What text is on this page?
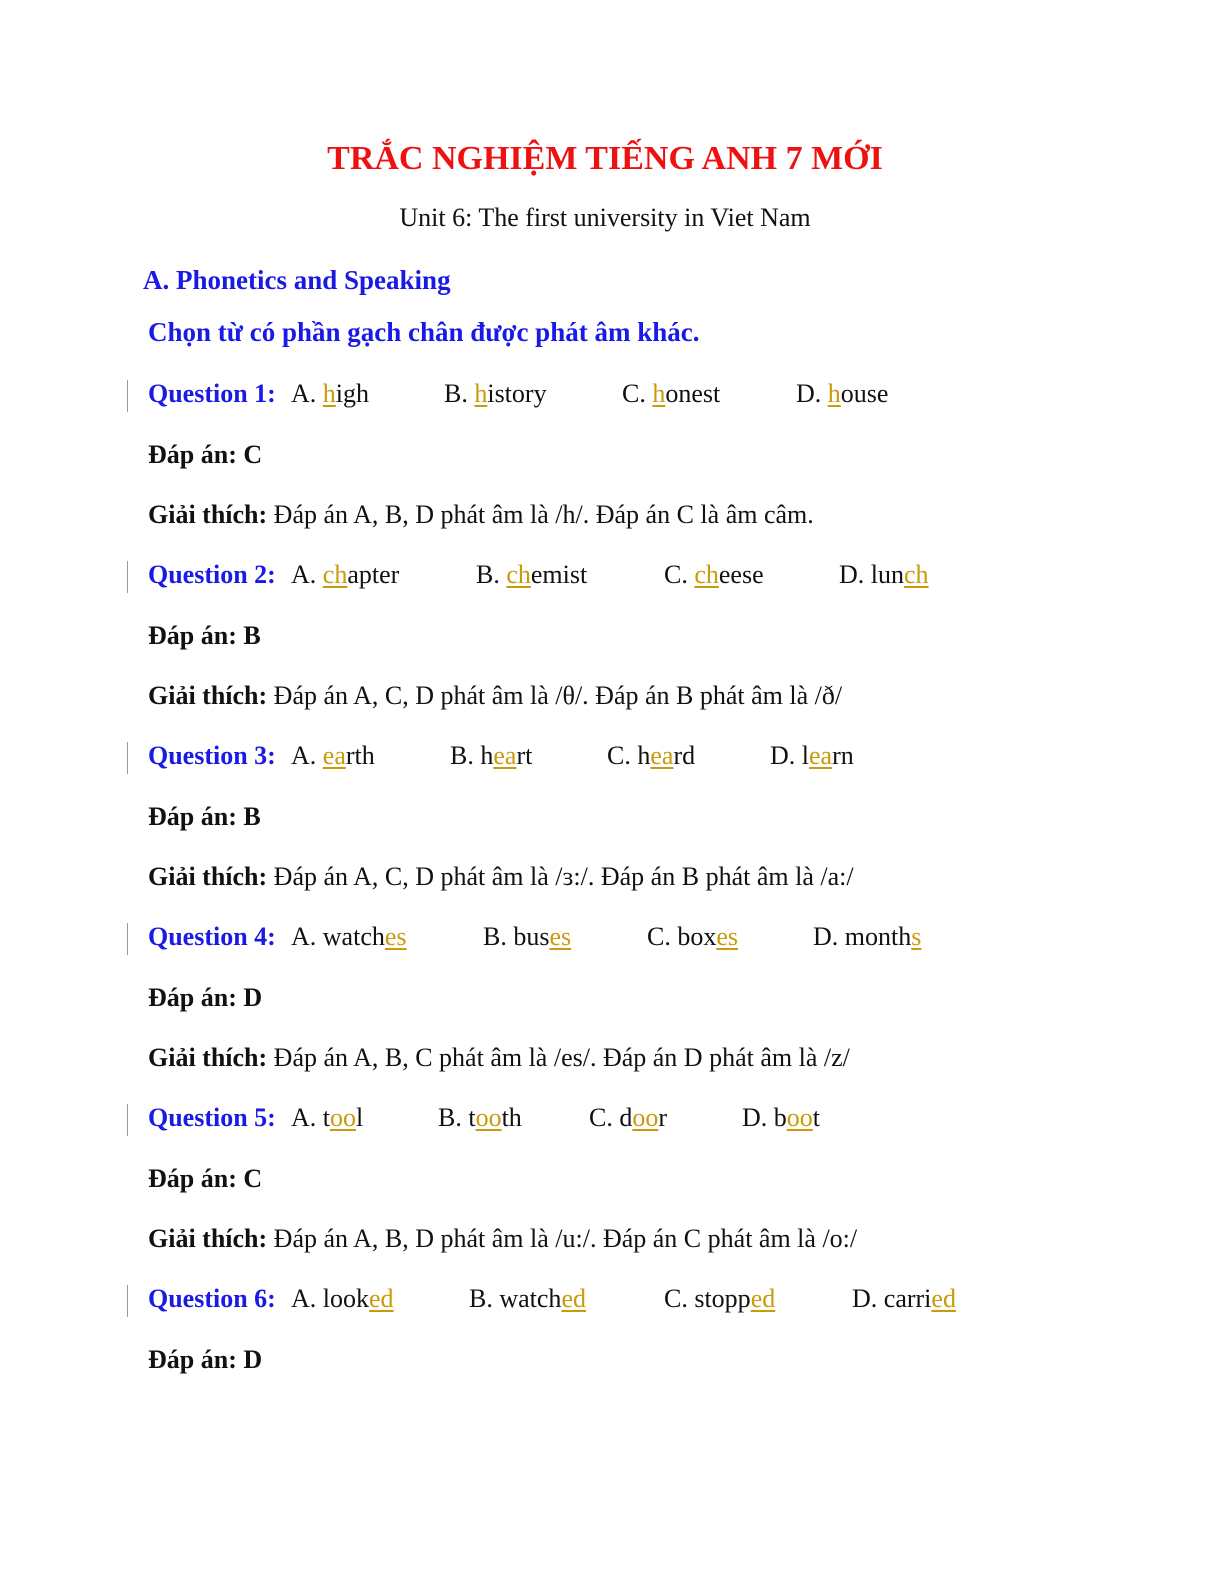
TRẮC NGHIỆM TIẾNG ANH 7 MỚI

Unit 6: The first university in Viet Nam

A. Phonetics and Speaking

Chọn từ có phần gạch chân được phát âm khác.

Question 1: A. high	B. history	C. honest	D. house
Đáp án: C
Giải thích: Đáp án A, B, D phát âm là /h/. Đáp án C là âm câm.
Question 2: A. chapter	B. chemist	C. cheese	D. lunch
Đáp án: B
Giải thích: Đáp án A, C, D phát âm là /θ/. Đáp án B phát âm là /ð/
Question 3: A. earth	B. heart	C. heard	D. learn
Đáp án: B
Giải thích: Đáp án A, C, D phát âm là /ɜ:/. Đáp án B phát âm là /a:/
Question 4: A. watches	B. buses	C. boxes	D. months
Đáp án: D
Giải thích: Đáp án A, B, C phát âm là /es/. Đáp án D phát âm là /z/
Question 5: A. tool	B. tooth	C. door	D. boot
Đáp án: C
Giải thích: Đáp án A, B, D phát âm là /u:/. Đáp án C phát âm là /o:/
Question 6: A. looked	B. watched	C. stopped	D. carried
Đáp án: D
